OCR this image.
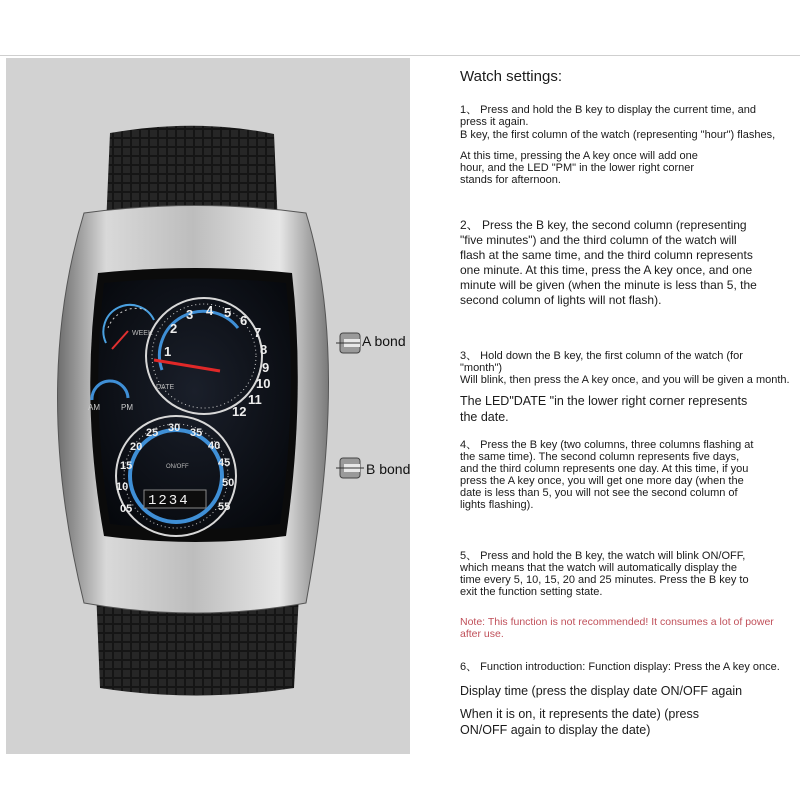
WEEK
1
2
3 4 5
6
7
8
9
10
11
12
DATE
AM	PM
05
10
15
20
25 30 35
40
45
50
55
ON/OFF
1234
A bond
B bond
Watch settings:
1、 Press and hold the B key to display the current time, and press it again.
B key, the first column of the watch (representing "hour") flashes,
At this time, pressing the A key once will add one hour, and the LED "PM" in the lower right corner stands for afternoon.
2、 Press the B key, the second column (representing "five minutes") and the third column of the watch will flash at the same time, and the third column represents one minute. At this time, press the A key once, and one minute will be given (when the minute is less than 5, the second column of lights will not flash).
3、 Hold down the B key, the first column of the watch (for "month")
Will blink, then press the A key once, and you will be given a month.
The LED"DATE "in the lower right corner represents the date.
4、 Press the B key (two columns, three columns flashing at the same time). The second column represents five days, and the third column represents one day. At this time, if you press the A key once, you will get one more day (when the date is less than 5, you will not see the second column of lights flashing).
5、 Press and hold the B key, the watch will blink ON/OFF, which means that the watch will automatically display the time every 5, 10, 15, 20 and 25 minutes. Press the B key to exit the function setting state.
Note: This function is not recommended! It consumes a lot of power after use.
6、 Function introduction: Function display: Press the A key once.
Display time (press the display date ON/OFF again
When it is on, it represents the date) (press ON/OFF again to display the date)
